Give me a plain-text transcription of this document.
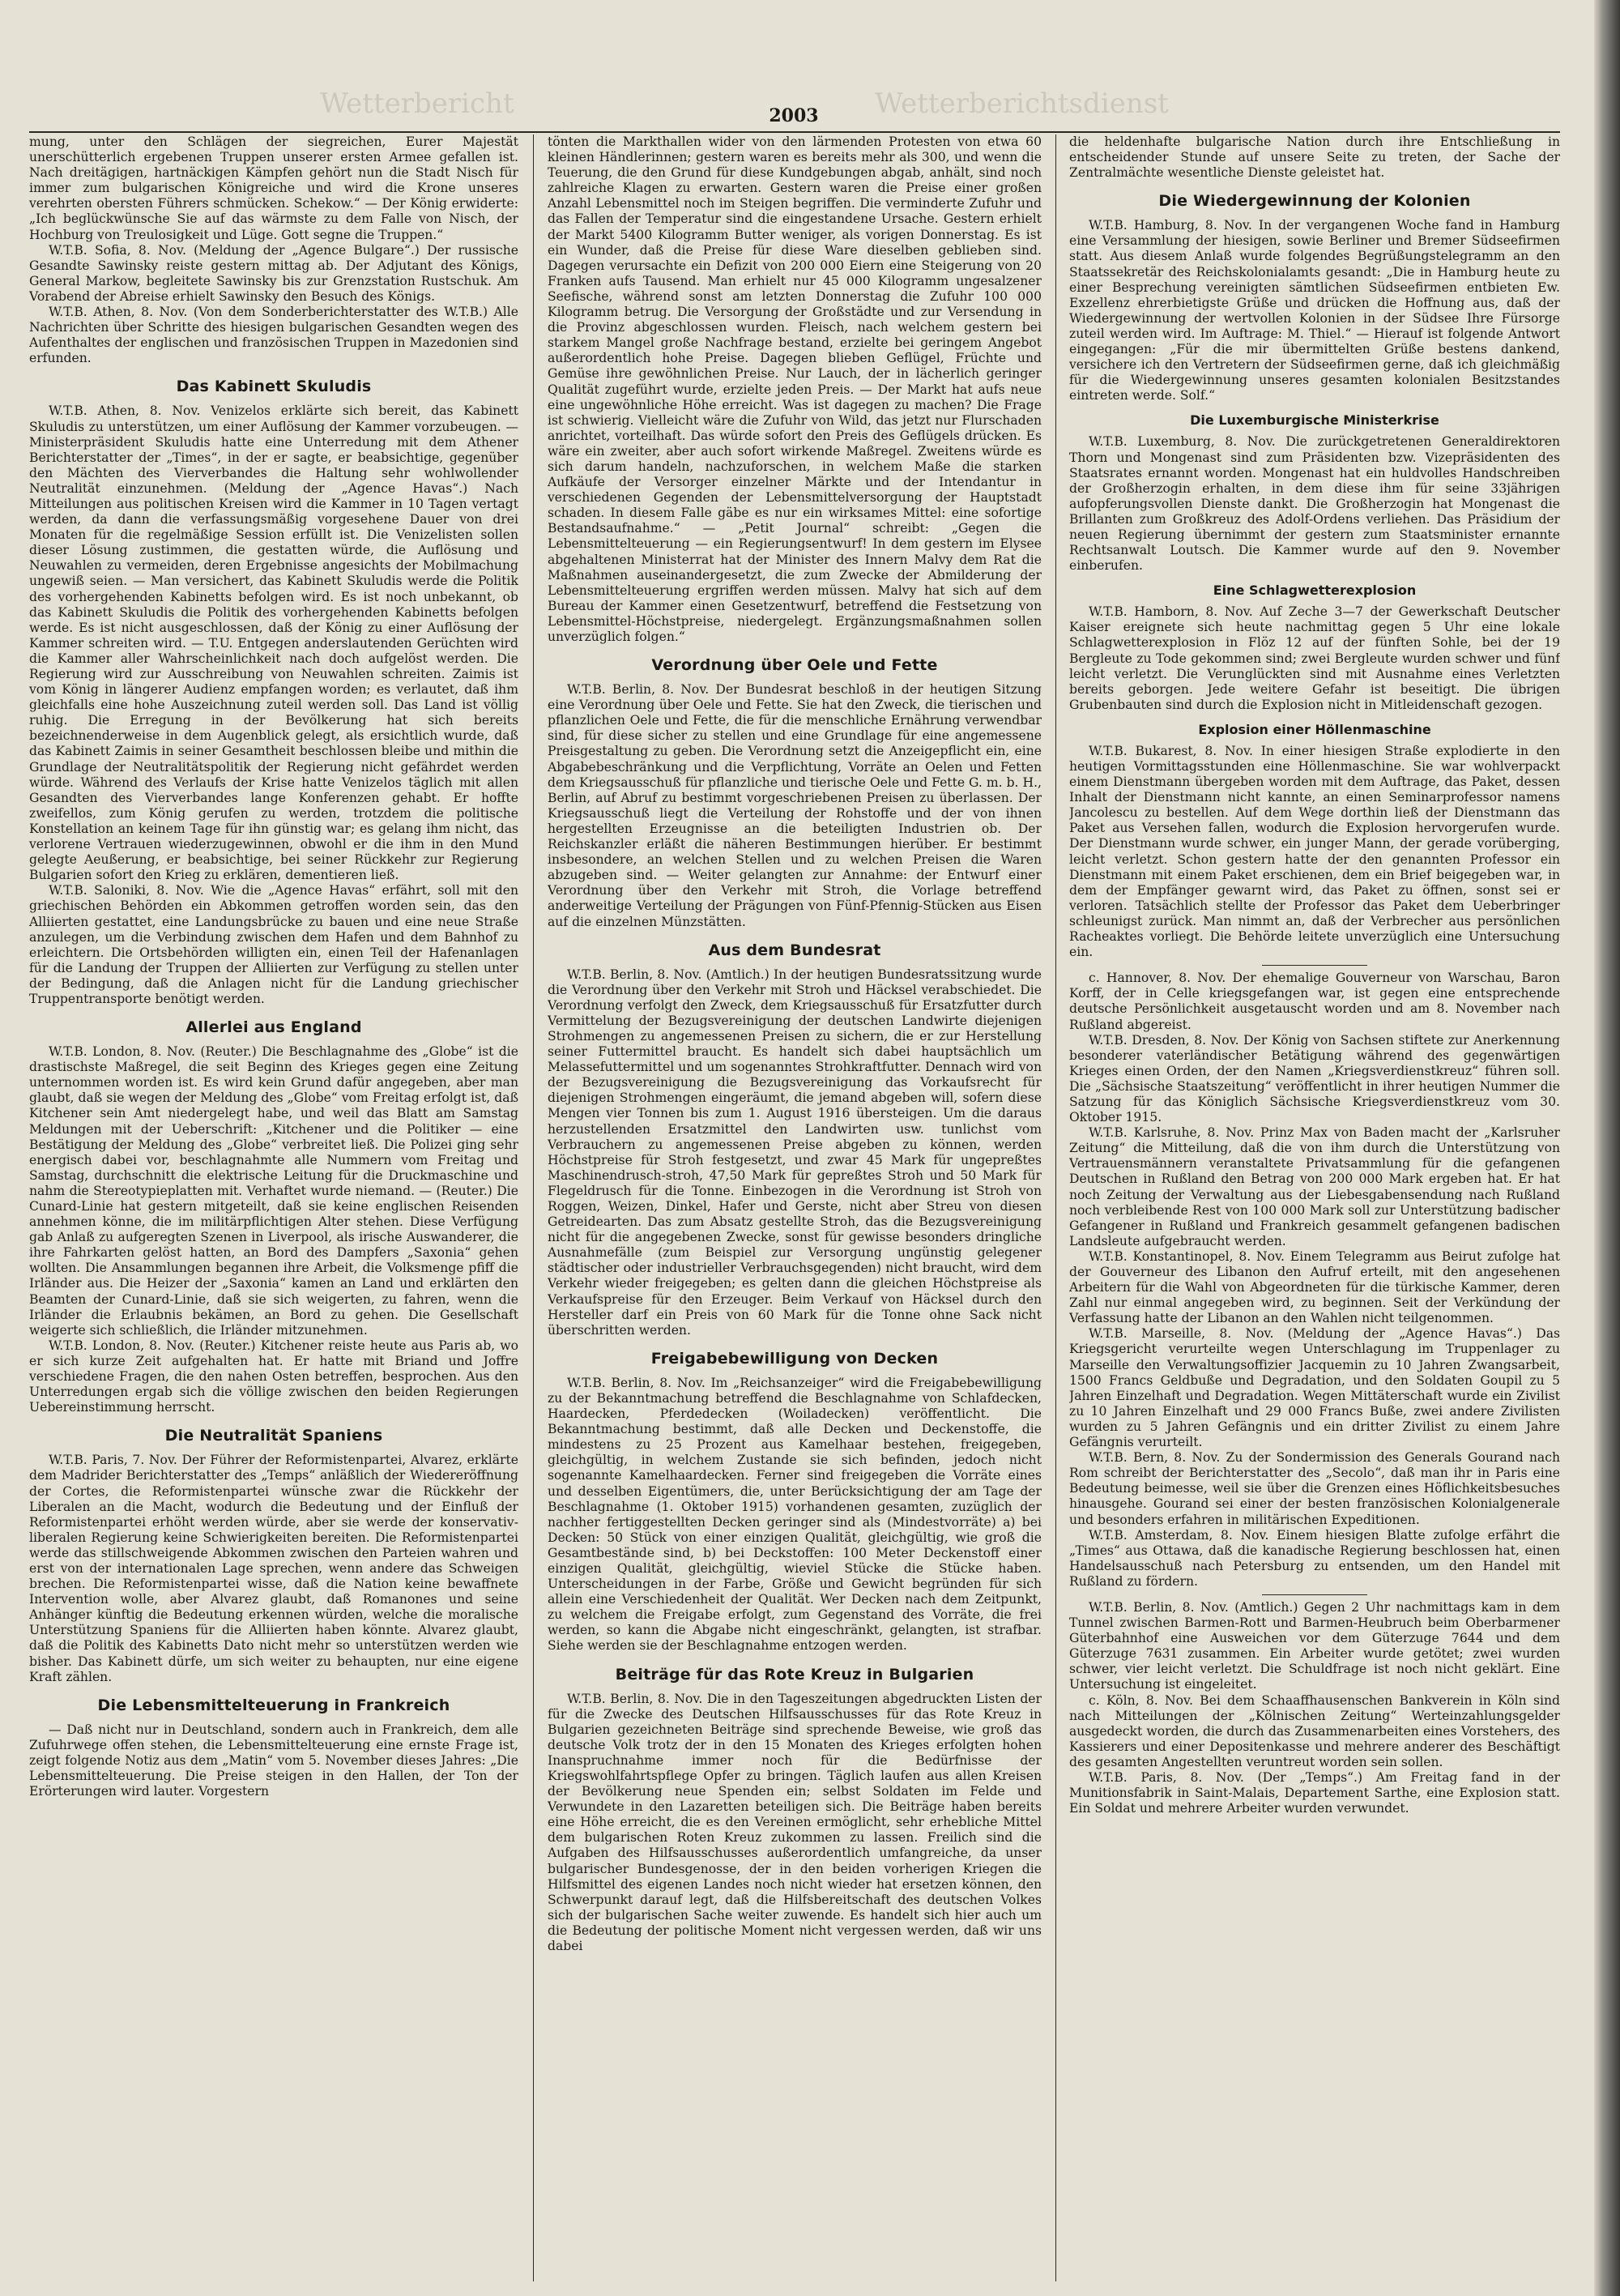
Wetterbericht	Wetterberichtsdienst
2003

mung, unter den Schlägen der siegreichen, Eurer Majestät unerschütterlich ergebenen Truppen unserer ersten Armee gefallen ist. Nach dreitägigen, hartnäckigen Kämpfen gehört nun die Stadt Nisch für immer zum bulgarischen Königreiche und wird die Krone unseres verehrten obersten Führers schmücken. Schekow.“ — Der König erwiderte: „Ich beglückwünsche Sie auf das wärmste zu dem Falle von Nisch, der Hochburg von Treulosigkeit und Lüge. Gott segne die Truppen.“

W.T.B. Sofia, 8. Nov. (Meldung der „Agence Bulgare“.) Der russische Gesandte Sawinsky reiste gestern mittag ab. Der Adjutant des Königs, General Markow, begleitete Sawinsky bis zur Grenzstation Rustschuk. Am Vorabend der Abreise erhielt Sawinsky den Besuch des Königs.

W.T.B. Athen, 8. Nov. (Von dem Sonderberichterstatter des W.T.B.) Alle Nachrichten über Schritte des hiesigen bulgarischen Gesandten wegen des Aufenthaltes der englischen und französischen Truppen in Mazedonien sind erfunden.

Das Kabinett Skuludis

W.T.B. Athen, 8. Nov. Venizelos erklärte sich bereit, das Kabinett Skuludis zu unterstützen, um einer Auflösung der Kammer vorzubeugen. — Ministerpräsident Skuludis hatte eine Unterredung mit dem Athener Berichterstatter der „Times“, in der er sagte, er beabsichtige, gegenüber den Mächten des Vierverbandes die Haltung sehr wohlwollender Neutralität einzunehmen. (Meldung der „Agence Havas“.) Nach Mitteilungen aus politischen Kreisen wird die Kammer in 10 Tagen vertagt werden, da dann die verfassungsmäßig vorgesehene Dauer von drei Monaten für die regelmäßige Session erfüllt ist. Die Venizelisten sollen dieser Lösung zustimmen, die gestatten würde, die Auflösung und Neuwahlen zu vermeiden, deren Ergebnisse angesichts der Mobilmachung ungewiß seien. — Man versichert, das Kabinett Skuludis werde die Politik des vorhergehenden Kabinetts befolgen wird. Es ist noch unbekannt, ob das Kabinett Skuludis die Politik des vorhergehenden Kabinetts befolgen werde. Es ist nicht ausgeschlossen, daß der König zu einer Auflösung der Kammer schreiten wird. — T.U. Entgegen anderslautenden Gerüchten wird die Kammer aller Wahrscheinlichkeit nach doch aufgelöst werden. Die Regierung wird zur Ausschreibung von Neuwahlen schreiten. Zaimis ist vom König in längerer Audienz empfangen worden; es verlautet, daß ihm gleichfalls eine hohe Auszeichnung zuteil werden soll. Das Land ist völlig ruhig. Die Erregung in der Bevölkerung hat sich bereits bezeichnenderweise in dem Augenblick gelegt, als ersichtlich wurde, daß das Kabinett Zaimis in seiner Gesamtheit beschlossen bleibe und mithin die Grundlage der Neutralitätspolitik der Regierung nicht gefährdet werden würde. Während des Verlaufs der Krise hatte Venizelos täglich mit allen Gesandten des Vierverbandes lange Konferenzen gehabt. Er hoffte zweifellos, zum König gerufen zu werden, trotzdem die politische Konstellation an keinem Tage für ihn günstig war; es gelang ihm nicht, das verlorene Vertrauen wiederzugewinnen, obwohl er die ihm in den Mund gelegte Aeußerung, er beabsichtige, bei seiner Rückkehr zur Regierung Bulgarien sofort den Krieg zu erklären, dementieren ließ.

W.T.B. Saloniki, 8. Nov. Wie die „Agence Havas“ erfährt, soll mit den griechischen Behörden ein Abkommen getroffen worden sein, das den Alliierten gestattet, eine Landungsbrücke zu bauen und eine neue Straße anzulegen, um die Verbindung zwischen dem Hafen und dem Bahnhof zu erleichtern. Die Ortsbehörden willigten ein, einen Teil der Hafenanlagen für die Landung der Truppen der Alliierten zur Verfügung zu stellen unter der Bedingung, daß die Anlagen nicht für die Landung griechischer Truppentransporte benötigt werden.

Allerlei aus England

W.T.B. London, 8. Nov. (Reuter.) Die Beschlagnahme des „Globe“ ist die drastischste Maßregel, die seit Beginn des Krieges gegen eine Zeitung unternommen worden ist. Es wird kein Grund dafür angegeben, aber man glaubt, daß sie wegen der Meldung des „Globe“ vom Freitag erfolgt ist, daß Kitchener sein Amt niedergelegt habe, und weil das Blatt am Samstag Meldungen mit der Ueberschrift: „Kitchener und die Politiker — eine Bestätigung der Meldung des „Globe“ verbreitet ließ. Die Polizei ging sehr energisch dabei vor, beschlagnahmte alle Nummern vom Freitag und Samstag, durchschnitt die elektrische Leitung für die Druckmaschine und nahm die Stereotypieplatten mit. Verhaftet wurde niemand. — (Reuter.) Die Cunard-Linie hat gestern mitgeteilt, daß sie keine englischen Reisenden annehmen könne, die im militärpflichtigen Alter stehen. Diese Verfügung gab Anlaß zu aufgeregten Szenen in Liverpool, als irische Auswanderer, die ihre Fahrkarten gelöst hatten, an Bord des Dampfers „Saxonia“ gehen wollten. Die Ansammlungen begannen ihre Arbeit, die Volksmenge pfiff die Irländer aus. Die Heizer der „Saxonia“ kamen an Land und erklärten den Beamten der Cunard-Linie, daß sie sich weigerten, zu fahren, wenn die Irländer die Erlaubnis bekämen, an Bord zu gehen. Die Gesellschaft weigerte sich schließlich, die Irländer mitzunehmen.

W.T.B. London, 8. Nov. (Reuter.) Kitchener reiste heute aus Paris ab, wo er sich kurze Zeit aufgehalten hat. Er hatte mit Briand und Joffre verschiedene Fragen, die den nahen Osten betreffen, besprochen. Aus den Unterredungen ergab sich die völlige zwischen den beiden Regierungen Uebereinstimmung herrscht.

Die Neutralität Spaniens

W.T.B. Paris, 7. Nov. Der Führer der Reformistenpartei, Alvarez, erklärte dem Madrider Berichterstatter des „Temps“ anläßlich der Wiedereröffnung der Cortes, die Reformistenpartei wünsche zwar die Rückkehr der Liberalen an die Macht, wodurch die Bedeutung und der Einfluß der Reformistenpartei erhöht werden würde, aber sie werde der konservativ-liberalen Regierung keine Schwierigkeiten bereiten. Die Reformistenpartei werde das stillschweigende Abkommen zwischen den Parteien wahren und erst von der internationalen Lage sprechen, wenn andere das Schweigen brechen. Die Reformistenpartei wisse, daß die Nation keine bewaffnete Intervention wolle, aber Alvarez glaubt, daß Romanones und seine Anhänger künftig die Bedeutung erkennen würden, welche die moralische Unterstützung Spaniens für die Alliierten haben könnte. Alvarez glaubt, daß die Politik des Kabinetts Dato nicht mehr so unterstützen werden wie bisher. Das Kabinett dürfe, um sich weiter zu behaupten, nur eine eigene Kraft zählen.

Die Lebensmittelteuerung in Frankreich

— Daß nicht nur in Deutschland, sondern auch in Frankreich, dem alle Zufuhrwege offen stehen, die Lebensmittelteuerung eine ernste Frage ist, zeigt folgende Notiz aus dem „Matin“ vom 5. November dieses Jahres: „Die Lebensmittelteuerung. Die Preise steigen in den Hallen, der Ton der Erörterungen wird lauter. Vorgestern

tönten die Markthallen wider von den lärmenden Protesten von etwa 60 kleinen Händlerinnen; gestern waren es bereits mehr als 300, und wenn die Teuerung, die den Grund für diese Kundgebungen abgab, anhält, sind noch zahlreiche Klagen zu erwarten. Gestern waren die Preise einer großen Anzahl Lebensmittel noch im Steigen begriffen. Die verminderte Zufuhr und das Fallen der Temperatur sind die eingestandene Ursache. Gestern erhielt der Markt 5400 Kilogramm Butter weniger, als vorigen Donnerstag. Es ist ein Wunder, daß die Preise für diese Ware dieselben geblieben sind. Dagegen verursachte ein Defizit von 200 000 Eiern eine Steigerung von 20 Franken aufs Tausend. Man erhielt nur 45 000 Kilogramm ungesalzener Seefische, während sonst am letzten Donnerstag die Zufuhr 100 000 Kilogramm betrug. Die Versorgung der Großstädte und zur Versendung in die Provinz abgeschlossen wurden. Fleisch, nach welchem gestern bei starkem Mangel große Nachfrage bestand, erzielte bei geringem Angebot außerordentlich hohe Preise. Dagegen blieben Geflügel, Früchte und Gemüse ihre gewöhnlichen Preise. Nur Lauch, der in lächerlich geringer Qualität zugeführt wurde, erzielte jeden Preis. — Der Markt hat aufs neue eine ungewöhnliche Höhe erreicht. Was ist dagegen zu machen? Die Frage ist schwierig. Vielleicht wäre die Zufuhr von Wild, das jetzt nur Flurschaden anrichtet, vorteilhaft. Das würde sofort den Preis des Geflügels drücken. Es wäre ein zweiter, aber auch sofort wirkende Maßregel. Zweitens würde es sich darum handeln, nachzuforschen, in welchem Maße die starken Aufkäufe der Versorger einzelner Märkte und der Intendantur in verschiedenen Gegenden der Lebensmittelversorgung der Hauptstadt schaden. In diesem Falle gäbe es nur ein wirksames Mittel: eine sofortige Bestandsaufnahme.“ — „Petit Journal“ schreibt: „Gegen die Lebensmittelteuerung — ein Regierungsentwurf! In dem gestern im Elysee abgehaltenen Ministerrat hat der Minister des Innern Malvy dem Rat die Maßnahmen auseinandergesetzt, die zum Zwecke der Abmilderung der Lebensmittelteuerung ergriffen werden müssen. Malvy hat sich auf dem Bureau der Kammer einen Gesetzentwurf, betreffend die Festsetzung von Lebensmittel-Höchstpreise, niedergelegt. Ergänzungsmaßnahmen sollen unverzüglich folgen.“

Verordnung über Oele und Fette

W.T.B. Berlin, 8. Nov. Der Bundesrat beschloß in der heutigen Sitzung eine Verordnung über Oele und Fette. Sie hat den Zweck, die tierischen und pflanzlichen Oele und Fette, die für die menschliche Ernährung verwendbar sind, für diese sicher zu stellen und eine Grundlage für eine angemessene Preisgestaltung zu geben. Die Verordnung setzt die Anzeigepflicht ein, eine Abgabebeschränkung und die Verpflichtung, Vorräte an Oelen und Fetten dem Kriegsausschuß für pflanzliche und tierische Oele und Fette G. m. b. H., Berlin, auf Abruf zu bestimmt vorgeschriebenen Preisen zu überlassen. Der Kriegsausschuß liegt die Verteilung der Rohstoffe und der von ihnen hergestellten Erzeugnisse an die beteiligten Industrien ob. Der Reichskanzler erläßt die näheren Bestimmungen hierüber. Er bestimmt insbesondere, an welchen Stellen und zu welchen Preisen die Waren abzugeben sind. — Weiter gelangten zur Annahme: der Entwurf einer Verordnung über den Verkehr mit Stroh, die Vorlage betreffend anderweitige Verteilung der Prägungen von Fünf-Pfennig-Stücken aus Eisen auf die einzelnen Münzstätten.

Aus dem Bundesrat

W.T.B. Berlin, 8. Nov. (Amtlich.) In der heutigen Bundesratssitzung wurde die Verordnung über den Verkehr mit Stroh und Häcksel verabschiedet. Die Verordnung verfolgt den Zweck, dem Kriegsausschuß für Ersatzfutter durch Vermittelung der Bezugsvereinigung der deutschen Landwirte diejenigen Strohmengen zu angemessenen Preisen zu sichern, die er zur Herstellung seiner Futtermittel braucht. Es handelt sich dabei hauptsächlich um Melassefuttermittel und um sogenanntes Strohkraftfutter. Dennach wird von der Bezugsvereinigung die Bezugsvereinigung das Vorkaufsrecht für diejenigen Strohmengen eingeräumt, die jemand abgeben will, sofern diese Mengen vier Tonnen bis zum 1. August 1916 übersteigen. Um die daraus herzustellenden Ersatzmittel den Landwirten usw. tunlichst vom Verbrauchern zu angemessenen Preise abgeben zu können, werden Höchstpreise für Stroh festgesetzt, und zwar 45 Mark für ungepreßtes Maschinendrusch-stroh, 47,50 Mark für gepreßtes Stroh und 50 Mark für Flegeldrusch für die Tonne. Einbezogen in die Verordnung ist Stroh von Roggen, Weizen, Dinkel, Hafer und Gerste, nicht aber Streu von diesen Getreidearten. Das zum Absatz gestellte Stroh, das die Bezugsvereinigung nicht für die angegebenen Zwecke, sonst für gewisse besonders dringliche Ausnahmefälle (zum Beispiel zur Versorgung ungünstig gelegener städtischer oder industrieller Verbrauchsgegenden) nicht braucht, wird dem Verkehr wieder freigegeben; es gelten dann die gleichen Höchstpreise als Verkaufspreise für den Erzeuger. Beim Verkauf von Häcksel durch den Hersteller darf ein Preis von 60 Mark für die Tonne ohne Sack nicht überschritten werden.

Freigabebewilligung von Decken

W.T.B. Berlin, 8. Nov. Im „Reichsanzeiger“ wird die Freigabebewilligung zu der Bekanntmachung betreffend die Beschlagnahme von Schlafdecken, Haardecken, Pferdedecken (Woiladecken) veröffentlicht. Die Bekanntmachung bestimmt, daß alle Decken und Deckenstoffe, die mindestens zu 25 Prozent aus Kamelhaar bestehen, freigegeben, gleichgültig, in welchem Zustande sie sich befinden, jedoch nicht sogenannte Kamelhaardecken. Ferner sind freigegeben die Vorräte eines und desselben Eigentümers, die, unter Berücksichtigung der am Tage der Beschlagnahme (1. Oktober 1915) vorhandenen gesamten, zuzüglich der nachher fertiggestellten Decken geringer sind als (Mindestvorräte) a) bei Decken: 50 Stück von einer einzigen Qualität, gleichgültig, wie groß die Gesamtbestände sind, b) bei Deckstoffen: 100 Meter Deckenstoff einer einzigen Qualität, gleichgültig, wieviel Stücke die Stücke haben. Unterscheidungen in der Farbe, Größe und Gewicht begründen für sich allein eine Verschiedenheit der Qualität. Wer Decken nach dem Zeitpunkt, zu welchem die Freigabe erfolgt, zum Gegenstand des Vorräte, die frei werden, so kann die Abgabe nicht eingeschränkt, gelangten, ist strafbar. Siehe werden sie der Beschlagnahme entzogen werden.

Beiträge für das Rote Kreuz in Bulgarien

W.T.B. Berlin, 8. Nov. Die in den Tageszeitungen abgedruckten Listen der für die Zwecke des Deutschen Hilfsausschusses für das Rote Kreuz in Bulgarien gezeichneten Beiträge sind sprechende Beweise, wie groß das deutsche Volk trotz der in den 15 Monaten des Krieges erfolgten hohen Inanspruchnahme immer noch für die Bedürfnisse der Kriegswohlfahrtspflege Opfer zu bringen. Täglich laufen aus allen Kreisen der Bevölkerung neue Spenden ein; selbst Soldaten im Felde und Verwundete in den Lazaretten beteiligen sich. Die Beiträge haben bereits eine Höhe erreicht, die es den Vereinen ermöglicht, sehr erhebliche Mittel dem bulgarischen Roten Kreuz zukommen zu lassen. Freilich sind die Aufgaben des Hilfsausschusses außerordentlich umfangreiche, da unser bulgarischer Bundesgenosse, der in den beiden vorherigen Kriegen die Hilfsmittel des eigenen Landes noch nicht wieder hat ersetzen können, den Schwerpunkt darauf legt, daß die Hilfsbereitschaft des deutschen Volkes sich der bulgarischen Sache weiter zuwende. Es handelt sich hier auch um die Bedeutung der politische Moment nicht vergessen werden, daß wir uns dabei

die heldenhafte bulgarische Nation durch ihre Entschließung in entscheidender Stunde auf unsere Seite zu treten, der Sache der Zentralmächte wesentliche Dienste geleistet hat.

Die Wiedergewinnung der Kolonien

W.T.B. Hamburg, 8. Nov. In der vergangenen Woche fand in Hamburg eine Versammlung der hiesigen, sowie Berliner und Bremer Südseefirmen statt. Aus diesem Anlaß wurde folgendes Begrüßungstelegramm an den Staatssekretär des Reichskolonialamts gesandt: „Die in Hamburg heute zu einer Besprechung vereinigten sämtlichen Südseefirmen entbieten Ew. Exzellenz ehrerbietigste Grüße und drücken die Hoffnung aus, daß der Wiedergewinnung der wertvollen Kolonien in der Südsee Ihre Fürsorge zuteil werden wird. Im Auftrage: M. Thiel.“ — Hierauf ist folgende Antwort eingegangen: „Für die mir übermittelten Grüße bestens dankend, versichere ich den Vertretern der Südseefirmen gerne, daß ich gleichmäßig für die Wiedergewinnung unseres gesamten kolonialen Besitzstandes eintreten werde. Solf.“

Die Luxemburgische Ministerkrise

W.T.B. Luxemburg, 8. Nov. Die zurückgetretenen Generaldirektoren Thorn und Mongenast sind zum Präsidenten bzw. Vizepräsidenten des Staatsrates ernannt worden. Mongenast hat ein huldvolles Handschreiben der Großherzogin erhalten, in dem diese ihm für seine 33jährigen aufopferungsvollen Dienste dankt. Die Großherzogin hat Mongenast die Brillanten zum Großkreuz des Adolf-Ordens verliehen. Das Präsidium der neuen Regierung übernimmt der gestern zum Staatsminister ernannte Rechtsanwalt Loutsch. Die Kammer wurde auf den 9. November einberufen.

Eine Schlagwetterexplosion

W.T.B. Hamborn, 8. Nov. Auf Zeche 3—7 der Gewerkschaft Deutscher Kaiser ereignete sich heute nachmittag gegen 5 Uhr eine lokale Schlagwetterexplosion in Flöz 12 auf der fünften Sohle, bei der 19 Bergleute zu Tode gekommen sind; zwei Bergleute wurden schwer und fünf leicht verletzt. Die Verunglückten sind mit Ausnahme eines Verletzten bereits geborgen. Jede weitere Gefahr ist beseitigt. Die übrigen Grubenbauten sind durch die Explosion nicht in Mitleidenschaft gezogen.

Explosion einer Höllenmaschine

W.T.B. Bukarest, 8. Nov. In einer hiesigen Straße explodierte in den heutigen Vormittagsstunden eine Höllenmaschine. Sie war wohlverpackt einem Dienstmann übergeben worden mit dem Auftrage, das Paket, dessen Inhalt der Dienstmann nicht kannte, an einen Seminarprofessor namens Jancolescu zu bestellen. Auf dem Wege dorthin ließ der Dienstmann das Paket aus Versehen fallen, wodurch die Explosion hervorgerufen wurde. Der Dienstmann wurde schwer, ein junger Mann, der gerade vorüberging, leicht verletzt. Schon gestern hatte der den genannten Professor ein Dienstmann mit einem Paket erschienen, dem ein Brief beigegeben war, in dem der Empfänger gewarnt wird, das Paket zu öffnen, sonst sei er verloren. Tatsächlich stellte der Professor das Paket dem Ueberbringer schleunigst zurück. Man nimmt an, daß der Verbrecher aus persönlichen Racheaktes vorliegt. Die Behörde leitete unverzüglich eine Untersuchung ein.

c. Hannover, 8. Nov. Der ehemalige Gouverneur von Warschau, Baron Korff, der in Celle kriegsgefangen war, ist gegen eine entsprechende deutsche Persönlichkeit ausgetauscht worden und am 8. November nach Rußland abgereist.

W.T.B. Dresden, 8. Nov. Der König von Sachsen stiftete zur Anerkennung besonderer vaterländischer Betätigung während des gegenwärtigen Krieges einen Orden, der den Namen „Kriegsverdienstkreuz“ führen soll. Die „Sächsische Staatszeitung“ veröffentlicht in ihrer heutigen Nummer die Satzung für das Königlich Sächsische Kriegsverdienstkreuz vom 30. Oktober 1915.

W.T.B. Karlsruhe, 8. Nov. Prinz Max von Baden macht der „Karlsruher Zeitung“ die Mitteilung, daß die von ihm durch die Unterstützung von Vertrauensmännern veranstaltete Privatsammlung für die gefangenen Deutschen in Rußland den Betrag von 200 000 Mark ergeben hat. Er hat noch Zeitung der Verwaltung aus der Liebesgabensendung nach Rußland noch verbleibende Rest von 100 000 Mark soll zur Unterstützung badischer Gefangener in Rußland und Frankreich gesammelt gefangenen badischen Landsleute aufgebraucht werden.

W.T.B. Konstantinopel, 8. Nov. Einem Telegramm aus Beirut zufolge hat der Gouverneur des Libanon den Aufruf erteilt, mit den angesehenen Arbeitern für die Wahl von Abgeordneten für die türkische Kammer, deren Zahl nur einmal angegeben wird, zu beginnen. Seit der Verkündung der Verfassung hatte der Libanon an den Wahlen nicht teilgenommen.

W.T.B. Marseille, 8. Nov. (Meldung der „Agence Havas“.) Das Kriegsgericht verurteilte wegen Unterschlagung im Truppenlager zu Marseille den Verwaltungsoffizier Jacquemin zu 10 Jahren Zwangsarbeit, 1500 Francs Geldbuße und Degradation, und den Soldaten Goupil zu 5 Jahren Einzelhaft und Degradation. Wegen Mittäterschaft wurde ein Zivilist zu 10 Jahren Einzelhaft und 29 000 Francs Buße, zwei andere Zivilisten wurden zu 5 Jahren Gefängnis und ein dritter Zivilist zu einem Jahre Gefängnis verurteilt.

W.T.B. Bern, 8. Nov. Zu der Sondermission des Generals Gourand nach Rom schreibt der Berichterstatter des „Secolo“, daß man ihr in Paris eine Bedeutung beimesse, weil sie über die Grenzen eines Höflichkeitsbesuches hinausgehe. Gourand sei einer der besten französischen Kolonialgenerale und besonders erfahren in militärischen Expeditionen.

W.T.B. Amsterdam, 8. Nov. Einem hiesigen Blatte zufolge erfährt die „Times“ aus Ottawa, daß die kanadische Regierung beschlossen hat, einen Handelsausschuß nach Petersburg zu entsenden, um den Handel mit Rußland zu fördern.

W.T.B. Berlin, 8. Nov. (Amtlich.) Gegen 2 Uhr nachmittags kam in dem Tunnel zwischen Barmen-Rott und Barmen-Heubruch beim Oberbarmener Güterbahnhof eine Ausweichen vor dem Güterzuge 7644 und dem Güterzuge 7631 zusammen. Ein Arbeiter wurde getötet; zwei wurden schwer, vier leicht verletzt. Die Schuldfrage ist noch nicht geklärt. Eine Untersuchung ist eingeleitet.

c. Köln, 8. Nov. Bei dem Schaaffhausenschen Bankverein in Köln sind nach Mitteilungen der „Kölnischen Zeitung“ Werteinzahlungsgelder ausgedeckt worden, die durch das Zusammenarbeiten eines Vorstehers, des Kassierers und einer Depositenkasse und mehrere anderer des Beschäftigt des gesamten Angestellten veruntreut worden sein sollen.

W.T.B. Paris, 8. Nov. (Der „Temps“.) Am Freitag fand in der Munitionsfabrik in Saint-Malais, Departement Sarthe, eine Explosion statt. Ein Soldat und mehrere Arbeiter wurden verwundet.
